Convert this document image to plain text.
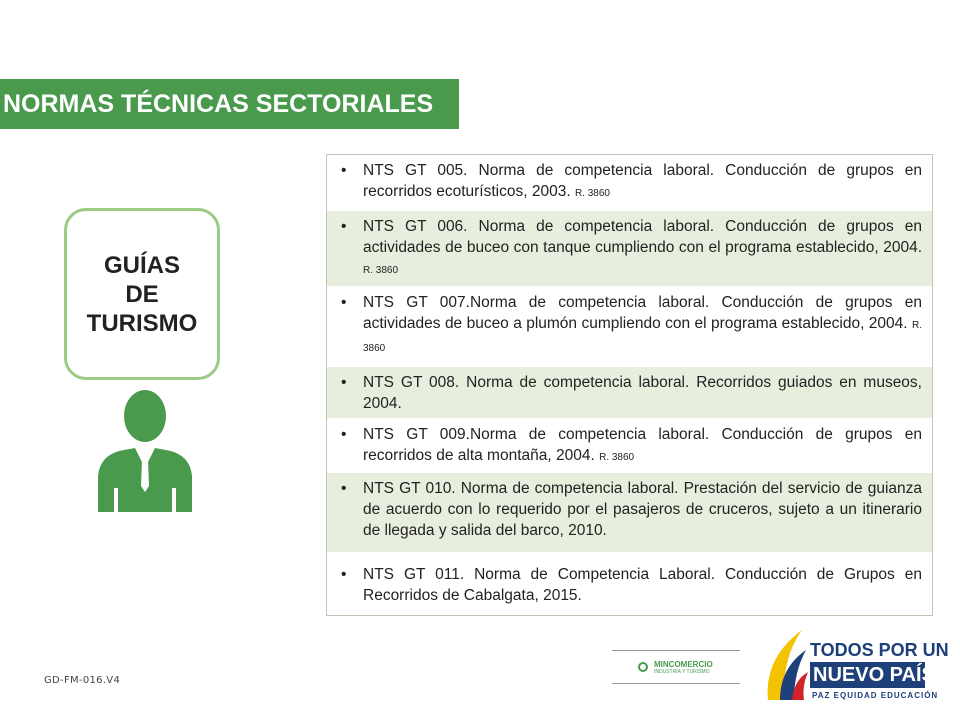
NORMAS TÉCNICAS SECTORIALES
GUÍAS
DE
TURISMO
• NTS GT 005. Norma de competencia laboral. Conducción de grupos en recorridos ecoturísticos, 2003. R. 3860
• NTS GT 006. Norma de competencia laboral. Conducción de grupos en actividades de buceo con tanque cumpliendo con el programa establecido, 2004. R. 3860
• NTS GT 007.Norma de competencia laboral. Conducción de grupos en actividades de buceo a plumón cumpliendo con el programa establecido, 2004. R. 3860
• NTS GT 008. Norma de competencia laboral. Recorridos guiados en museos, 2004.
• NTS GT 009.Norma de competencia laboral. Conducción de grupos en recorridos de alta montaña, 2004. R. 3860
• NTS GT 010. Norma de competencia laboral. Prestación del servicio de guianza de acuerdo con lo requerido por el pasajeros de cruceros, sujeto a un itinerario de llegada y salida del barco, 2010.
• NTS GT 011. Norma de Competencia Laboral. Conducción de Grupos en Recorridos de Cabalgata, 2015.
GD-FM-016.V4
MINCOMERCIO
INDUSTRIA Y TURISMO
TODOS POR UN
NUEVO PAÍS
PAZ EQUIDAD EDUCACIÓN
